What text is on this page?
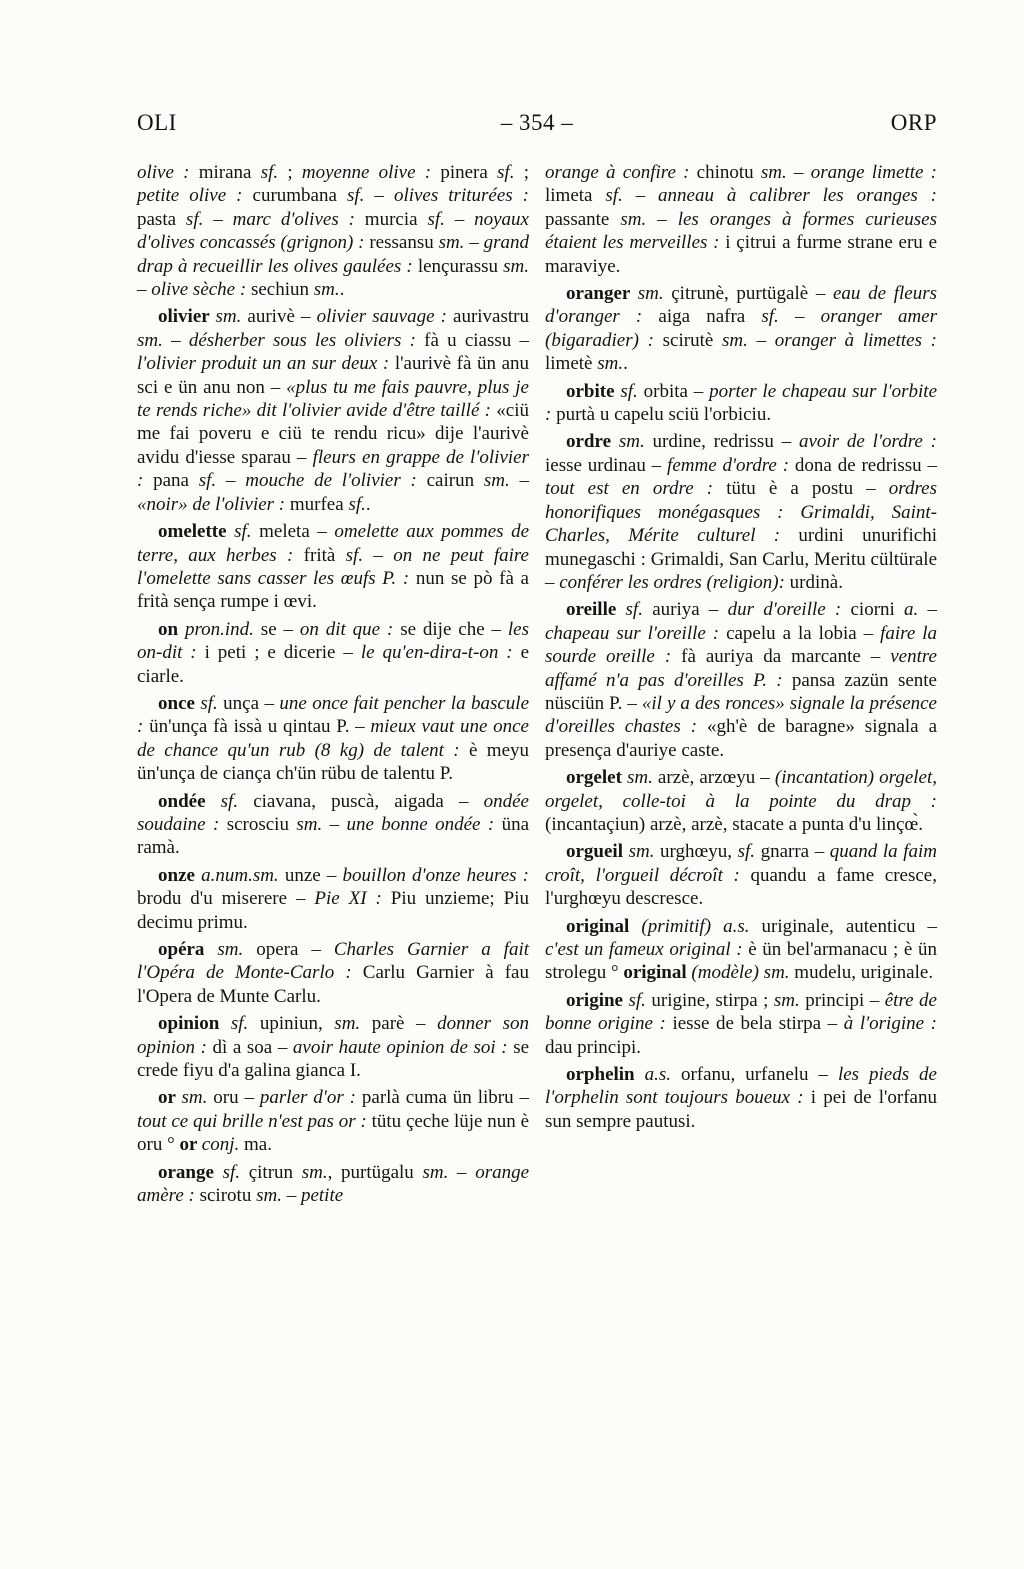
OLI	– 354 –	ORP

olive : mirana sf. ; moyenne olive : pinera sf. ; petite olive : curumbana sf. – olives triturées : pasta sf. – marc d'olives : murcia sf. – noyaux d'olives concassés (grignon) : ressansu sm. – grand drap à recueillir les olives gaulées : lençurassu sm. – olive sèche : sechiun sm..

olivier sm. aurivè – olivier sauvage : aurivastru sm. – désherber sous les oliviers : fà u ciassu – l'olivier produit un an sur deux : l'aurivè fà ün anu sci e ün anu non – «plus tu me fais pauvre, plus je te rends riche» dit l'olivier avide d'être taillé : «ciü me fai poveru e ciü te rendu ricu» dije l'aurivè avidu d'iesse sparau – fleurs en grappe de l'olivier : pana sf. – mouche de l'olivier : cairun sm. – «noir» de l'olivier : murfea sf..

omelette sf. meleta – omelette aux pommes de terre, aux herbes : frità sf. – on ne peut faire l'omelette sans casser les œufs P. : nun se pò fà a frità sença rumpe i œvi.

on pron.ind. se – on dit que : se dije che – les on-dit : i peti ; e dicerie – le qu'en-dira-t-on : e ciarle.

once sf. unça – une once fait pencher la bascule : ün'unça fà issà u qintau P. – mieux vaut une once de chance qu'un rub (8 kg) de talent : è meyu ün'unça de ciança ch'ün rübu de talentu P.

ondée sf. ciavana, puscà, aigada – ondée soudaine : scrosciu sm. – une bonne ondée : üna ramà.

onze a.num.sm. unze – bouillon d'onze heures : brodu d'u miserere – Pie XI : Piu unzieme; Piu decimu primu.

opéra sm. opera – Charles Garnier a fait l'Opéra de Monte-Carlo : Carlu Garnier à fau l'Opera de Munte Carlu.

opinion sf. upiniun, sm. parè – donner son opinion : dì a soa – avoir haute opinion de soi : se crede fiyu d'a galina gianca I.

or sm. oru – parler d'or : parlà cuma ün libru – tout ce qui brille n'est pas or : tütu çeche lüje nun è oru ° or conj. ma.

orange sf. çitrun sm., purtügalu sm. – orange amère : scirotu sm. – petite

orange à confire : chinotu sm. – orange limette : limeta sf. – anneau à calibrer les oranges : passante sm. – les oranges à formes curieuses étaient les merveilles : i çitrui a furme strane eru e maraviye.

oranger sm. çitrunè, purtügalè – eau de fleurs d'oranger : aiga nafra sf. – oranger amer (bigaradier) : scirutè sm. – oranger à limettes : limetè sm..

orbite sf. orbita – porter le chapeau sur l'orbite : purtà u capelu sciü l'orbiciu.

ordre sm. urdine, redrissu – avoir de l'ordre : iesse urdinau – femme d'ordre : dona de redrissu – tout est en ordre : tütu è a postu – ordres honorifiques monégasques : Grimaldi, Saint-Charles, Mérite culturel : urdini unurifichi munegaschi : Grimaldi, San Carlu, Meritu cültürale – conférer les ordres (religion): urdinà.

oreille sf. auriya – dur d'oreille : ciorni a. – chapeau sur l'oreille : capelu a la lobia – faire la sourde oreille : fà auriya da marcante – ventre affamé n'a pas d'oreilles P. : pansa zazün sente nüsciün P. – «il y a des ronces» signale la présence d'oreilles chastes : «gh'è de baragne» signala a presença d'auriye caste.

orgelet sm. arzè, arzœyu – (incantation) orgelet, orgelet, colle-toi à la pointe du drap : (incantaçiun) arzè, arzè, stacate a punta d'u linçœ̀.

orgueil sm. urghœyu, sf. gnarra – quand la faim croît, l'orgueil décroît : quandu a fame cresce, l'urghœyu descresce.

original (primitif) a.s. uriginale, autenticu – c'est un fameux original : è ün bel'armanacu ; è ün strolegu ° original (modèle) sm. mudelu, uriginale.

origine sf. urigine, stirpa ; sm. principi – être de bonne origine : iesse de bela stirpa – à l'origine : dau principi.

orphelin a.s. orfanu, urfanelu – les pieds de l'orphelin sont toujours boueux : i pei de l'orfanu sun sempre pautusi.
